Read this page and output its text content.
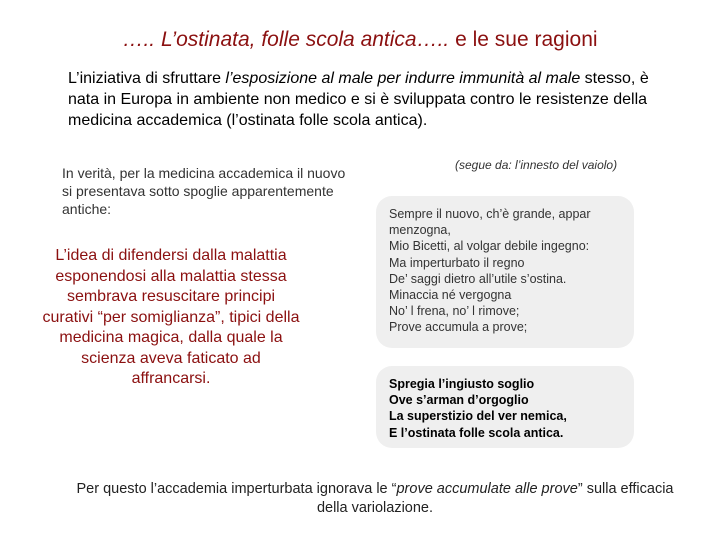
….. L’ostinata, folle scola antica….. e le sue ragioni
L’iniziativa di sfruttare l’esposizione al male per indurre immunità al male stesso, è nata in Europa in ambiente non medico e si è sviluppata contro le resistenze della medicina accademica (l’ostinata folle scola antica).
In verità, per la medicina accademica il nuovo si presentava sotto spoglie apparentemente antiche:
L’idea di difendersi dalla malattia esponendosi alla malattia stessa sembrava resuscitare principi curativi “per somiglianza”, tipici della medicina magica, dalla quale la scienza aveva faticato ad affrancarsi.
(segue da: l’innesto del vaiolo)
Sempre il nuovo, ch’è grande, appar
menzogna,
Mio Bicetti, al volgar debile ingegno:
Ma imperturbato il regno
De’ saggi dietro all’utile s’ostina.
Minaccia né vergogna
No’ l frena, no’ l rimove;
Prove accumula a prove;
Spregia l’ingiusto soglio
Ove s’arman d’orgoglio
La superstizio del ver nemica,
E l’ostinata folle scola antica.
Per questo l’accademia imperturbata ignorava le “prove accumulate alle prove” sulla efficacia della variolazione.
